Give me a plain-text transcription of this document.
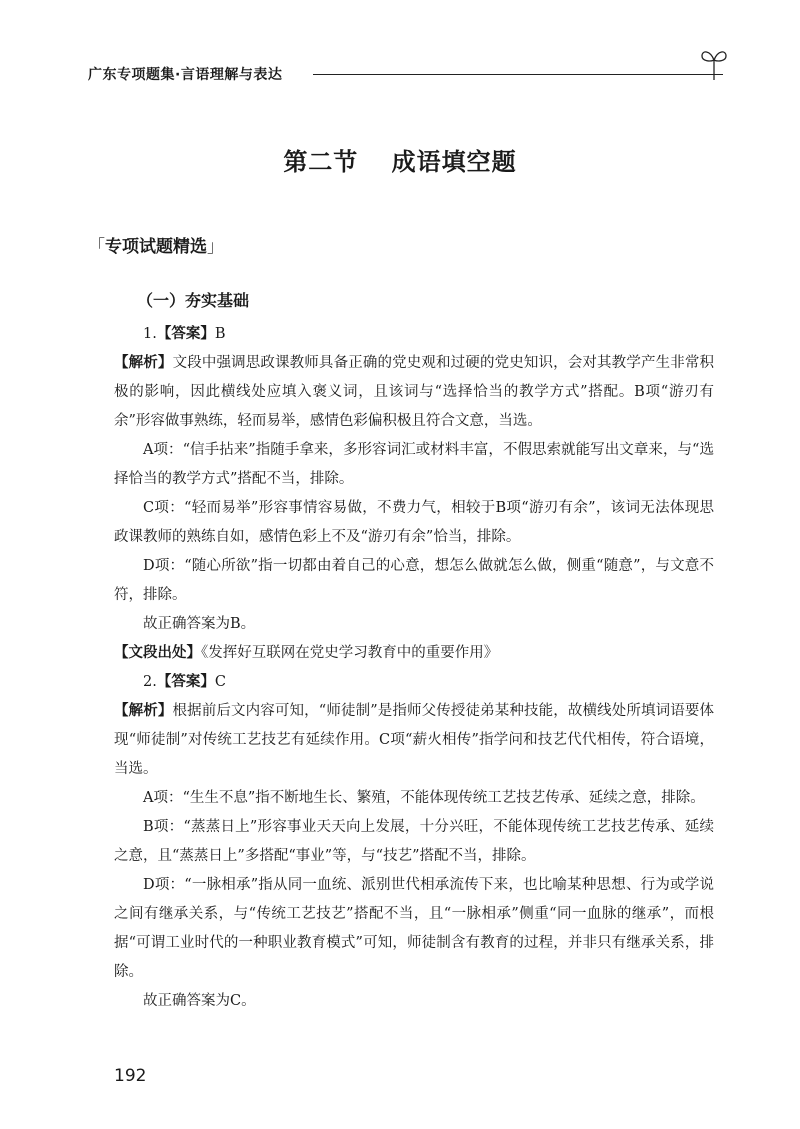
广东专项题集·言语理解与表达
第二节 成语填空题
「专项试题精选」
（一）夯实基础

1.【答案】B

【解析】文段中强调思政课教师具备正确的党史观和过硬的党史知识，会对其教学产生非常积极的影响，因此横线处应填入褒义词，且该词与“选择恰当的教学方式”搭配。B项“游刃有余”形容做事熟练，轻而易举，感情色彩偏积极且符合文意，当选。

A项：“信手拈来”指随手拿来，多形容词汇或材料丰富，不假思索就能写出文章来，与“选择恰当的教学方式”搭配不当，排除。

C项：“轻而易举”形容事情容易做，不费力气，相较于B项“游刃有余”，该词无法体现思政课教师的熟练自如，感情色彩上不及“游刃有余”恰当，排除。

D项：“随心所欲”指一切都由着自己的心意，想怎么做就怎么做，侧重“随意”，与文意不符，排除。

故正确答案为B。

【文段出处】《发挥好互联网在党史学习教育中的重要作用》

2.【答案】C

【解析】根据前后文内容可知，“师徒制”是指师父传授徒弟某种技能，故横线处所填词语要体现“师徒制”对传统工艺技艺有延续作用。C项“薪火相传”指学问和技艺代代相传，符合语境，当选。

A项：“生生不息”指不断地生长、繁殖，不能体现传统工艺技艺传承、延续之意，排除。

B项：“蒸蒸日上”形容事业天天向上发展，十分兴旺，不能体现传统工艺技艺传承、延续之意，且“蒸蒸日上”多搭配“事业”等，与“技艺”搭配不当，排除。

D项：“一脉相承”指从同一血统、派别世代相承流传下来，也比喻某种思想、行为或学说之间有继承关系，与“传统工艺技艺”搭配不当，且“一脉相承”侧重“同一血脉的继承”，而根据“可谓工业时代的一种职业教育模式”可知，师徒制含有教育的过程，并非只有继承关系，排除。

故正确答案为C。

192
